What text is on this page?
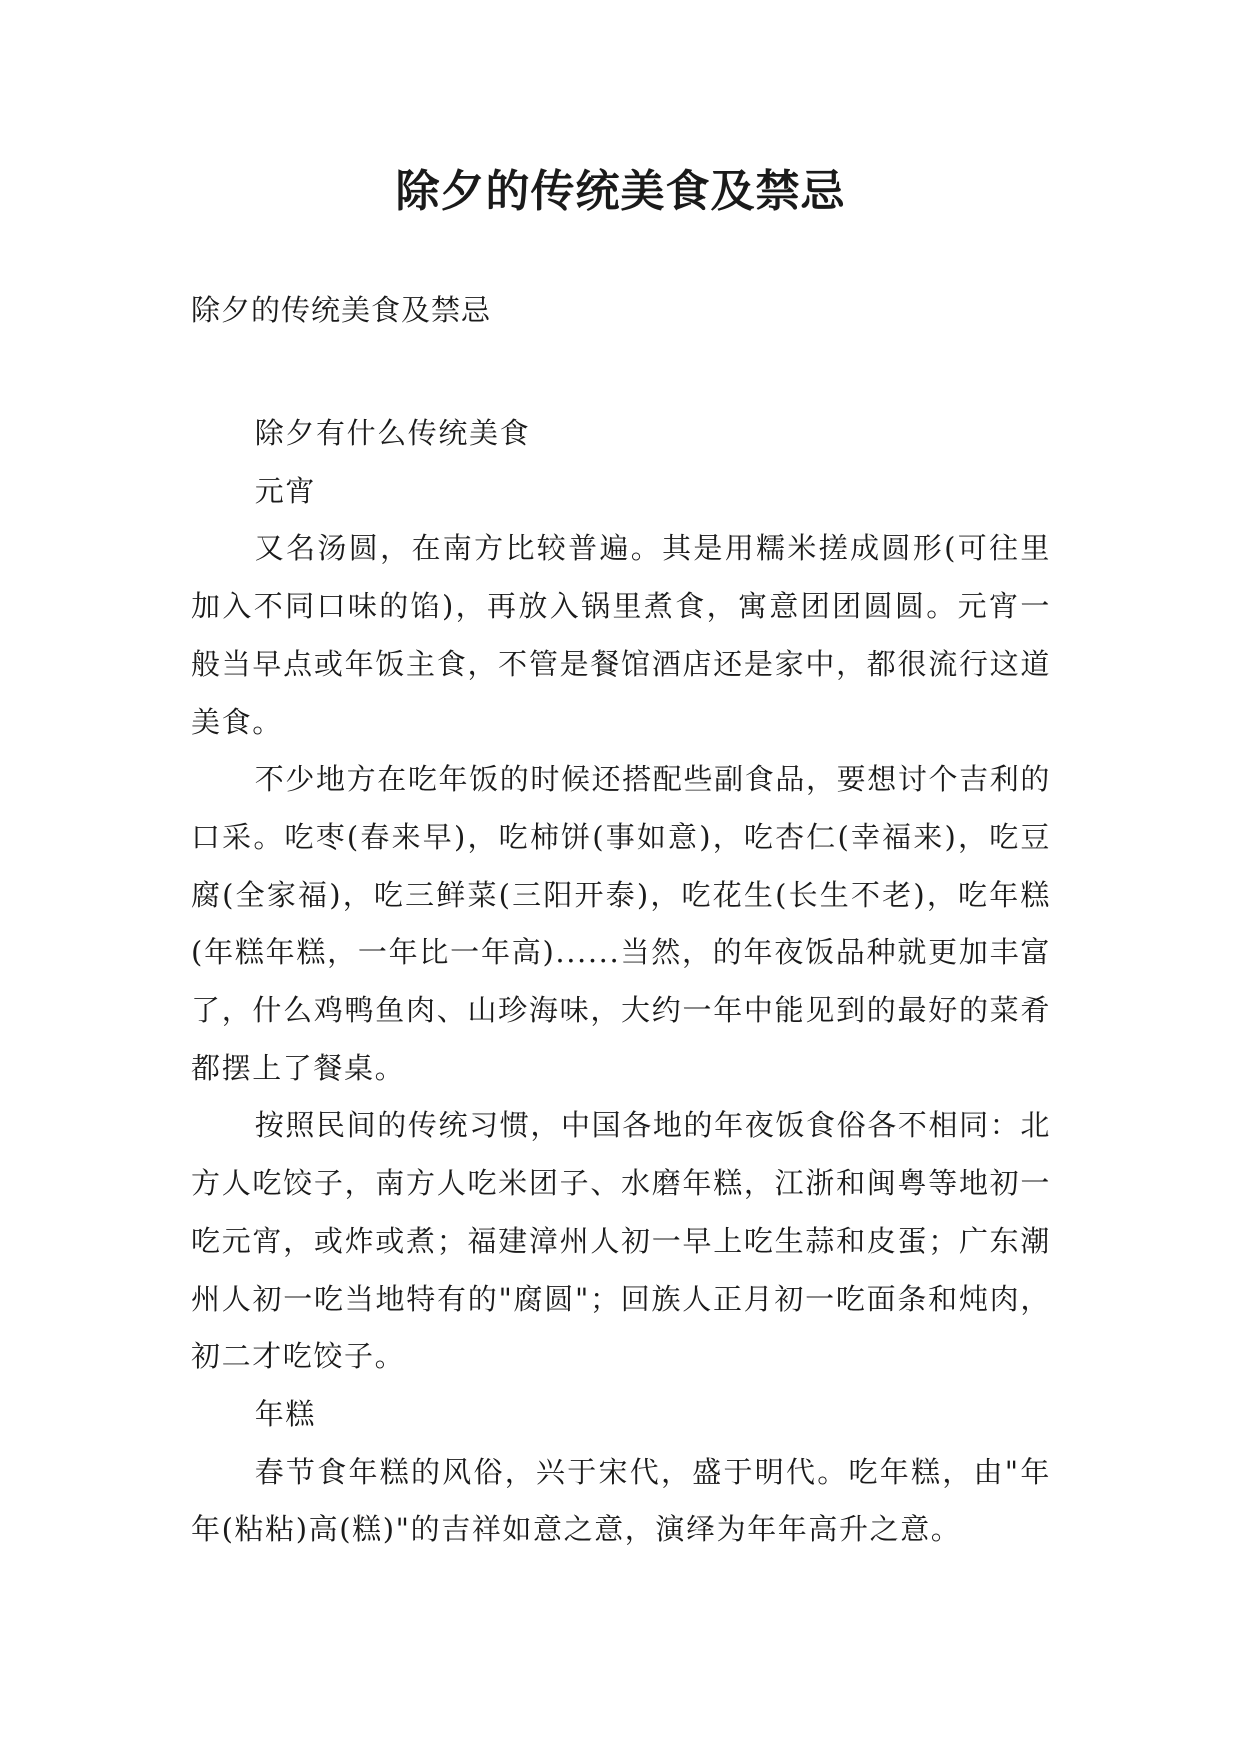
除夕的传统美食及禁忌
除夕的传统美食及禁忌

除夕有什么传统美食

元宵

又名汤圆，在南方比较普遍。其是用糯米搓成圆形(可往里加入不同口味的馅)，再放入锅里煮食，寓意团团圆圆。元宵一般当早点或年饭主食，不管是餐馆酒店还是家中，都很流行这道美食。

不少地方在吃年饭的时候还搭配些副食品，要想讨个吉利的口采。吃枣(春来早)，吃柿饼(事如意)，吃杏仁(幸福来)，吃豆腐(全家福)，吃三鲜菜(三阳开泰)，吃花生(长生不老)，吃年糕(年糕年糕，一年比一年高)......当然，的年夜饭品种就更加丰富了，什么鸡鸭鱼肉、山珍海味，大约一年中能见到的最好的菜肴都摆上了餐桌。

按照民间的传统习惯，中国各地的年夜饭食俗各不相同：北方人吃饺子，南方人吃米团子、水磨年糕，江浙和闽粤等地初一吃元宵，或炸或煮；福建漳州人初一早上吃生蒜和皮蛋；广东潮州人初一吃当地特有的"腐圆"；回族人正月初一吃面条和炖肉，初二才吃饺子。

年糕

春节食年糕的风俗，兴于宋代，盛于明代。吃年糕，由"年年(粘粘)高(糕)"的吉祥如意之意，演绎为年年高升之意。
